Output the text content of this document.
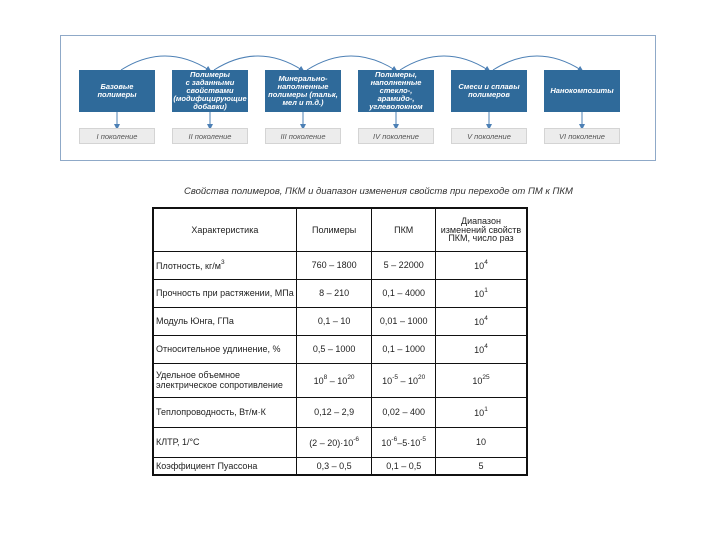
Базовые
полимеры
Полимеры
с заданными
свойствами
(модифицирующие
добавки)
Минерально-
наполненные
полимеры (тальк,
мел и т.д.)
Полимеры,
наполненные
стекло-, арамидо-,
углеволокном
Смеси и сплавы
полимеров	Нанокомпозиты
I поколение	II поколение	III поколение	IV поколение	V поколение	VI поколение
Свойства полимеров, ПКМ и диапазон изменения свойств при переходе от ПМ к ПКМ
Характеристика	Полимеры	ПКМ	Диапазон изменений свойств ПКМ, число раз
Плотность, $кг/м^3$	760 – 1800	5 – 22000	$10^4$
Прочность при растяжении, МПа	8 – 210	0,1 – 4000	$10^1$
Модуль Юнга, ГПа	0,1 – 10	0,01 – 1000	$10^4$
Относительное удлинение, %	0,5 – 1000	0,1 – 1000	$10^4$
Удельное объемное электрическое сопротивление	$10^8 - 10^{20}$	$10^{-5} - 10^{20}$	$10^{25}$
Теплопроводность, Вт/м·К	0,12 – 2,9	0,02 – 400	$10^1$
КЛТР, 1/°C	$(2 - 20)\cdot 10^{-6}$	$10^{-6}-5\cdot 10^{-5}$	10
Коэффициент Пуассона	0,3 – 0,5	0,1 – 0,5	5
